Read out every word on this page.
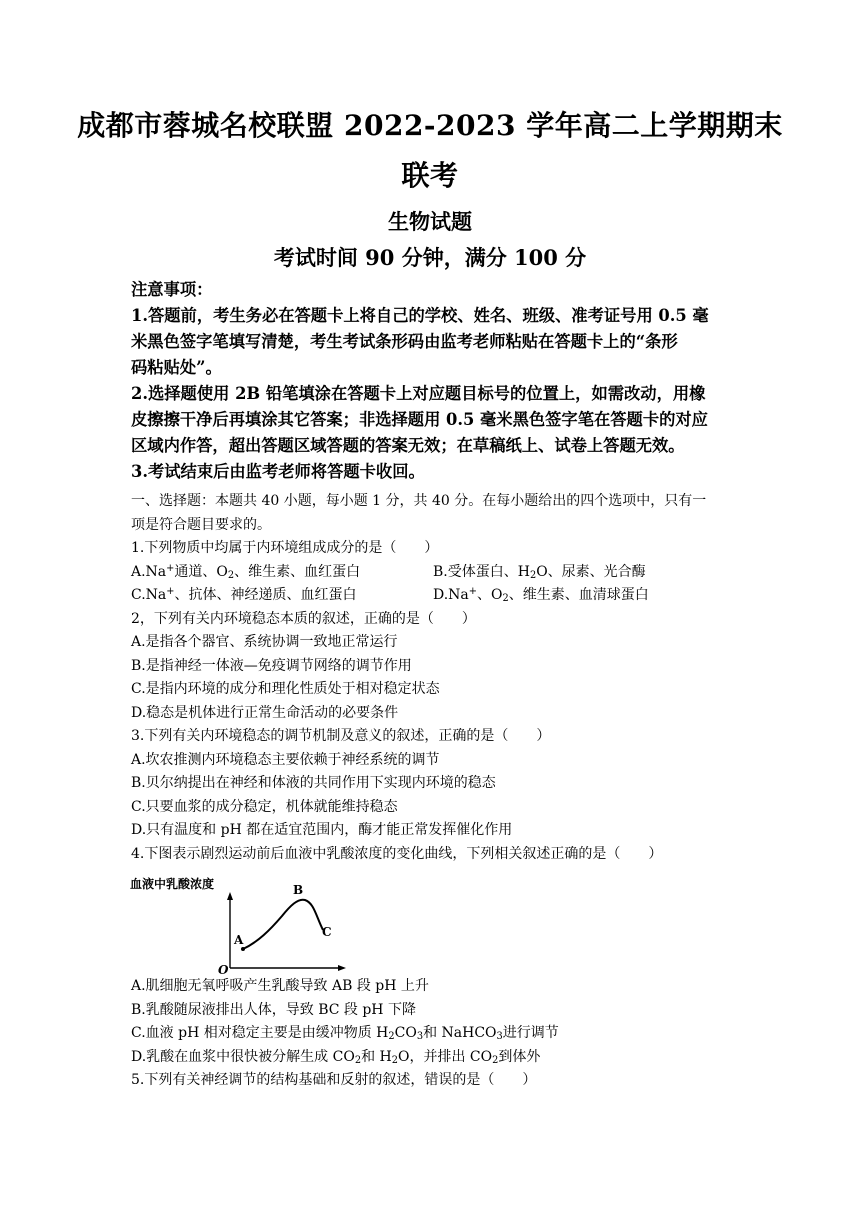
成都市蓉城名校联盟 2022-2023 学年高二上学期期末
联考
生物试题
考试时间 90 分钟，满分 100 分
注意事项：
1.答题前，考生务必在答题卡上将自己的学校、姓名、班级、准考证号用 0.5 毫
米黑色签字笔填写清楚，考生考试条形码由监考老师粘贴在答题卡上的“条形
码粘贴处”。
2.选择题使用 2B 铅笔填涂在答题卡上对应题目标号的位置上，如需改动，用橡
皮擦擦干净后再填涂其它答案；非选择题用 0.5 毫米黑色签字笔在答题卡的对应
区域内作答，超出答题区域答题的答案无效；在草稿纸上、试卷上答题无效。
3.考试结束后由监考老师将答题卡收回。
一、选择题：本题共 40 小题，每小题 1 分，共 40 分。在每小题给出的四个选项中，只有一
项是符合题目要求的。
1.下列物质中均属于内环境组成成分的是（　　）
A.Na+通道、$O_2$、维生素、血红蛋白	B.受体蛋白、$H_2O$、尿素、光合酶
C.Na+、抗体、神经递质、血红蛋白	D.Na+、$O_2$、维生素、血清球蛋白
2，下列有关内环境稳态本质的叙述，正确的是（　　）
A.是指各个器官、系统协调一致地正常运行
B.是指神经一体液—免疫调节网络的调节作用
C.是指内环境的成分和理化性质处于相对稳定状态
D.稳态是机体进行正常生命活动的必要条件
3.下列有关内环境稳态的调节机制及意义的叙述，正确的是（　　）
A.坎农推测内环境稳态主要依赖于神经系统的调节
B.贝尔纳提出在神经和体液的共同作用下实现内环境的稳态
C.只要血浆的成分稳定，机体就能维持稳态
D.只有温度和 pH 都在适宜范围内，酶才能正常发挥催化作用
4.下图表示剧烈运动前后血液中乳酸浓度的变化曲线，下列相关叙述正确的是（　　）
血液中乳酸浓度
O
A
B
C
A.肌细胞无氧呼吸产生乳酸导致 AB 段 pH 上升
B.乳酸随尿液排出人体，导致 BC 段 pH 下降
C.血液 pH 相对稳定主要是由缓冲物质 $H_2CO_3$和 NaHCO$_3$进行调节
D.乳酸在血浆中很快被分解生成 $CO_2$和 $H_2O$，并排出 $CO_2$到体外
5.下列有关神经调节的结构基础和反射的叙述，错误的是（　　）
